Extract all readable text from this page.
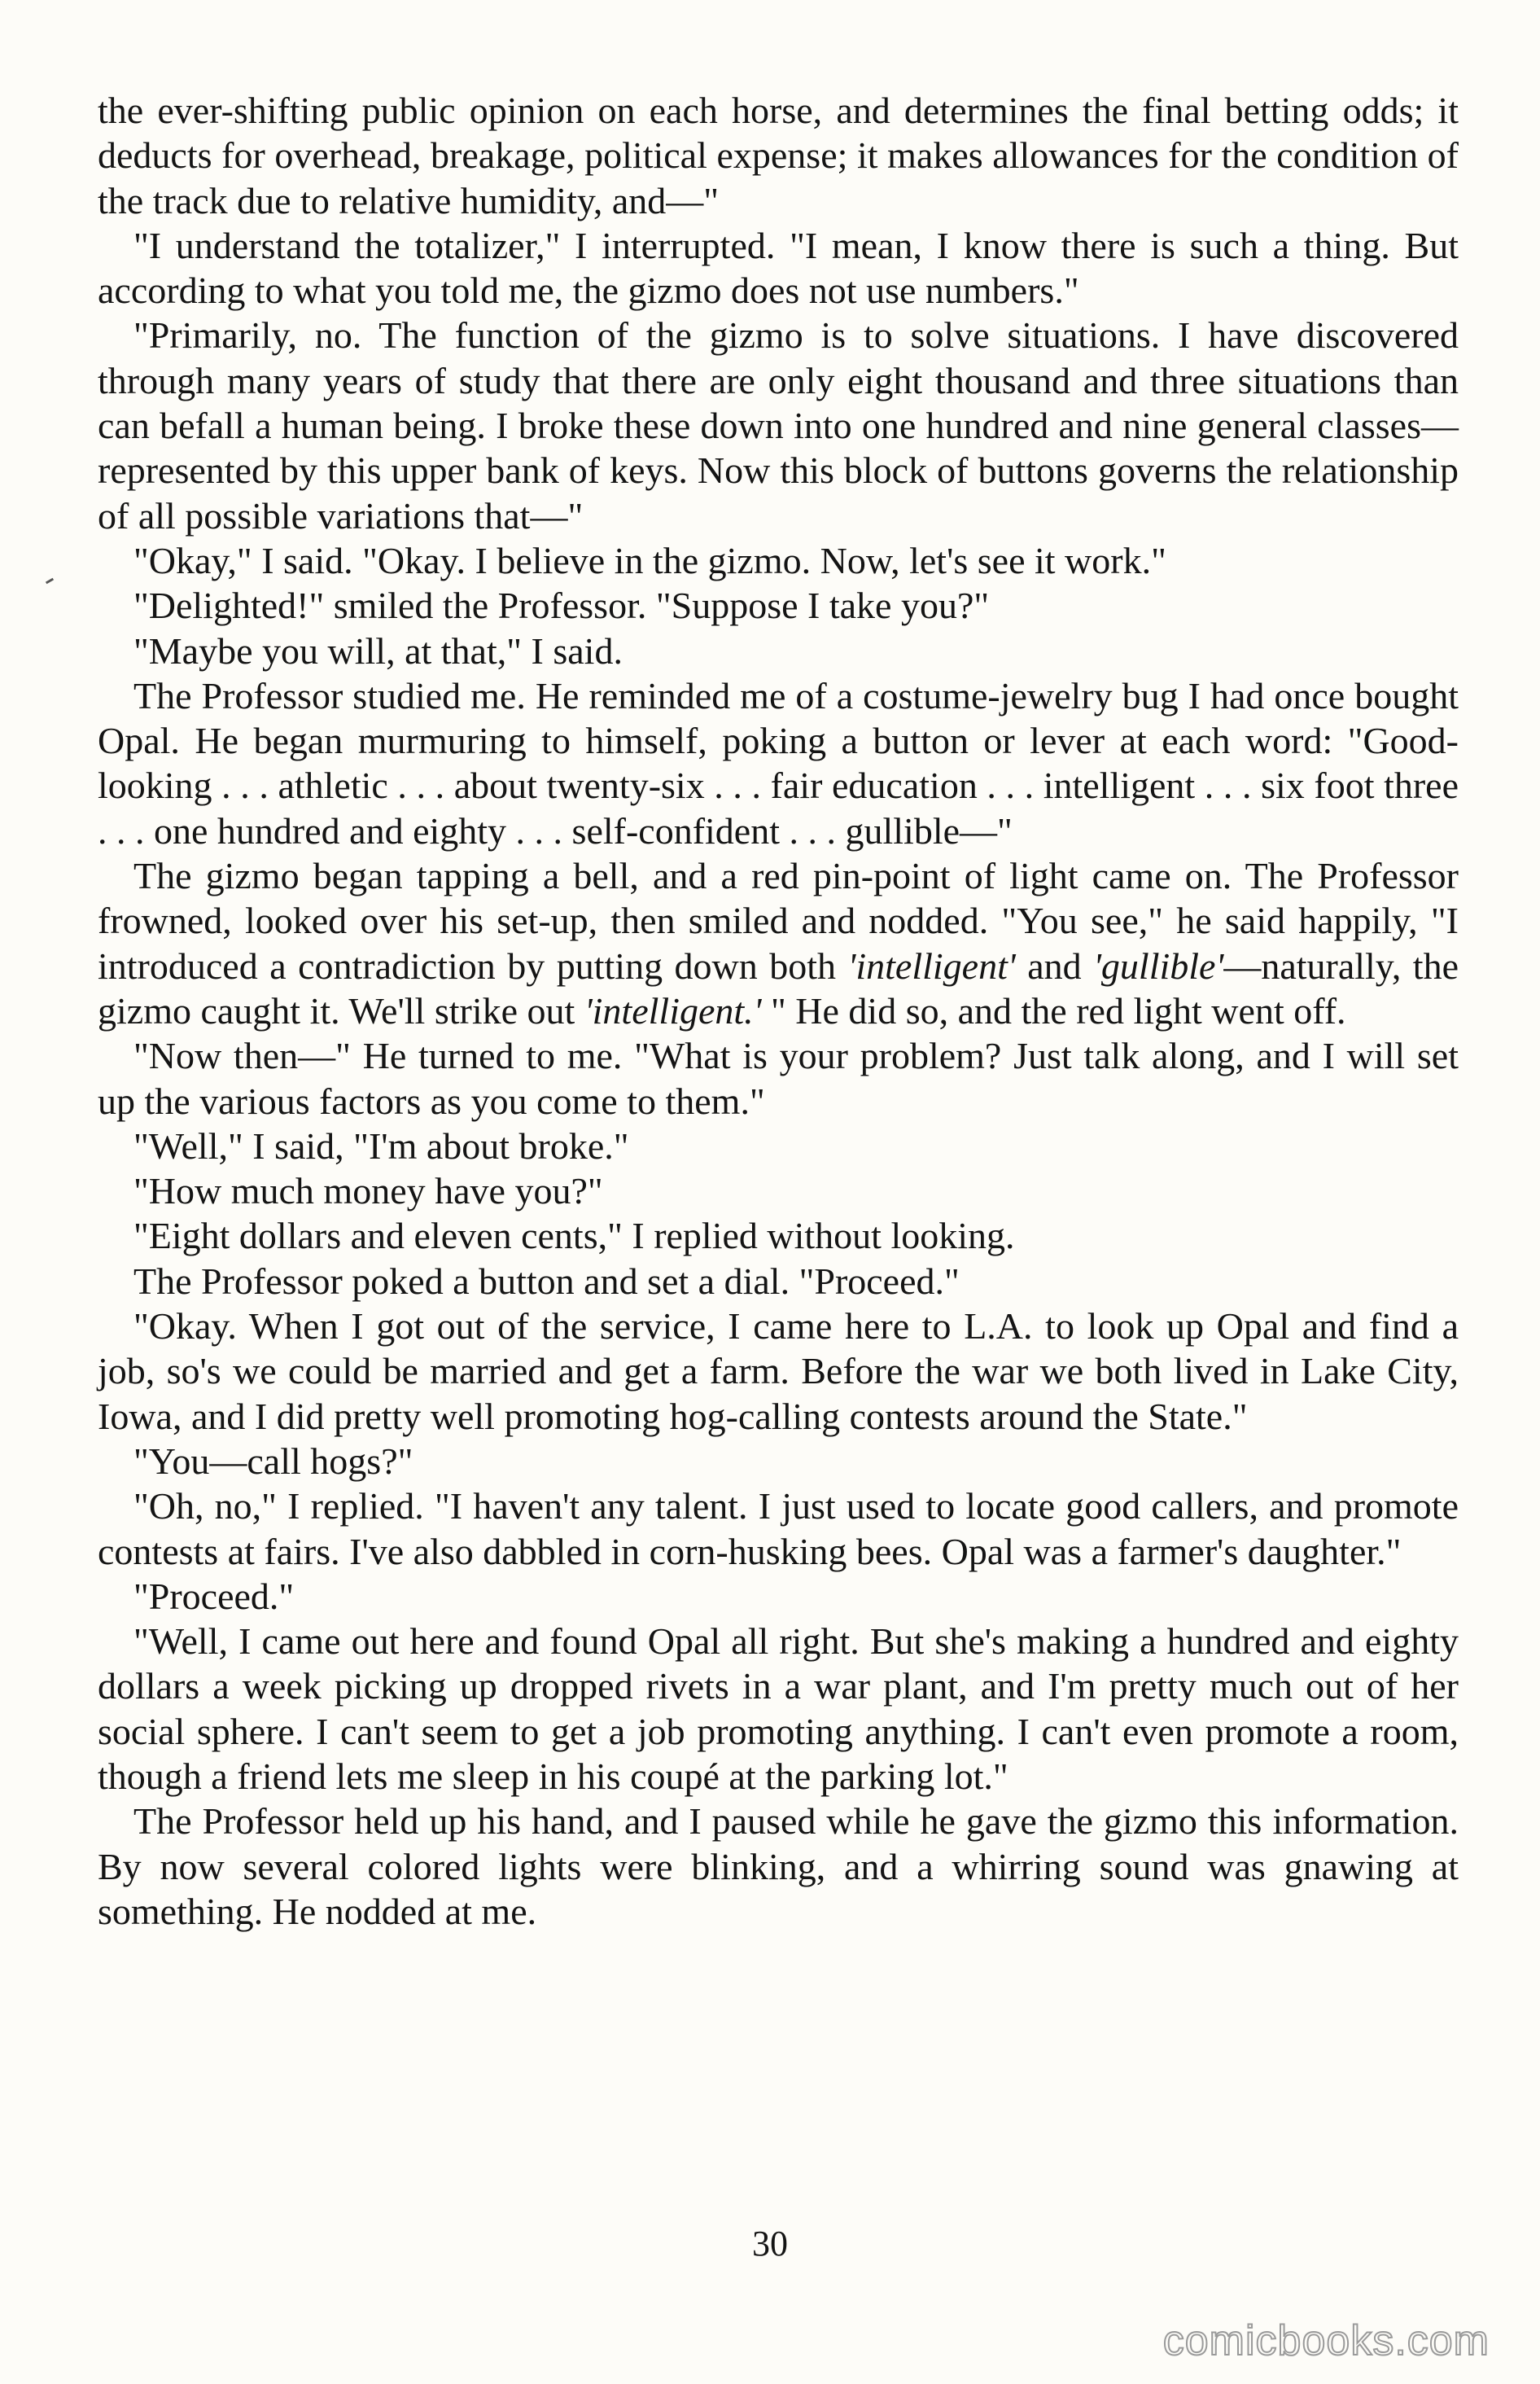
the ever-shifting public opinion on each horse, and determines the final betting odds; it deducts for overhead, breakage, political expense; it makes allowances for the condition of the track due to relative humidity, and—"

"I understand the totalizer," I interrupted. "I mean, I know there is such a thing. But according to what you told me, the gizmo does not use numbers."

"Primarily, no. The function of the gizmo is to solve situations. I have discovered through many years of study that there are only eight thousand and three situations than can befall a human being. I broke these down into one hundred and nine general classes—represented by this upper bank of keys. Now this block of buttons governs the relationship of all possible variations that—"

"Okay," I said. "Okay. I believe in the gizmo. Now, let's see it work."

"Delighted!" smiled the Professor. "Suppose I take you?"

"Maybe you will, at that," I said.

The Professor studied me. He reminded me of a costume-jewelry bug I had once bought Opal. He began murmuring to himself, poking a button or lever at each word: "Good-looking . . . athletic . . . about twenty-six . . . fair education . . . intelligent . . . six foot three . . . one hundred and eighty . . . self-confident . . . gullible—"

The gizmo began tapping a bell, and a red pin-point of light came on. The Professor frowned, looked over his set-up, then smiled and nodded. "You see," he said happily, "I introduced a contradiction by putting down both 'intelligent' and 'gullible'—naturally, the gizmo caught it. We'll strike out 'intelligent.' " He did so, and the red light went off.

"Now then—" He turned to me. "What is your problem? Just talk along, and I will set up the various factors as you come to them."

"Well," I said, "I'm about broke."

"How much money have you?"

"Eight dollars and eleven cents," I replied without looking.

The Professor poked a button and set a dial. "Proceed."

"Okay. When I got out of the service, I came here to L.A. to look up Opal and find a job, so's we could be married and get a farm. Before the war we both lived in Lake City, Iowa, and I did pretty well promoting hog-calling contests around the State."

"You—call hogs?"

"Oh, no," I replied. "I haven't any talent. I just used to locate good callers, and promote contests at fairs. I've also dabbled in corn-husking bees. Opal was a farmer's daughter."

"Proceed."

"Well, I came out here and found Opal all right. But she's making a hundred and eighty dollars a week picking up dropped rivets in a war plant, and I'm pretty much out of her social sphere. I can't seem to get a job promoting anything. I can't even promote a room, though a friend lets me sleep in his coupé at the parking lot."

The Professor held up his hand, and I paused while he gave the gizmo this information. By now several colored lights were blinking, and a whirring sound was gnawing at something. He nodded at me.

30
comicbooks.com
